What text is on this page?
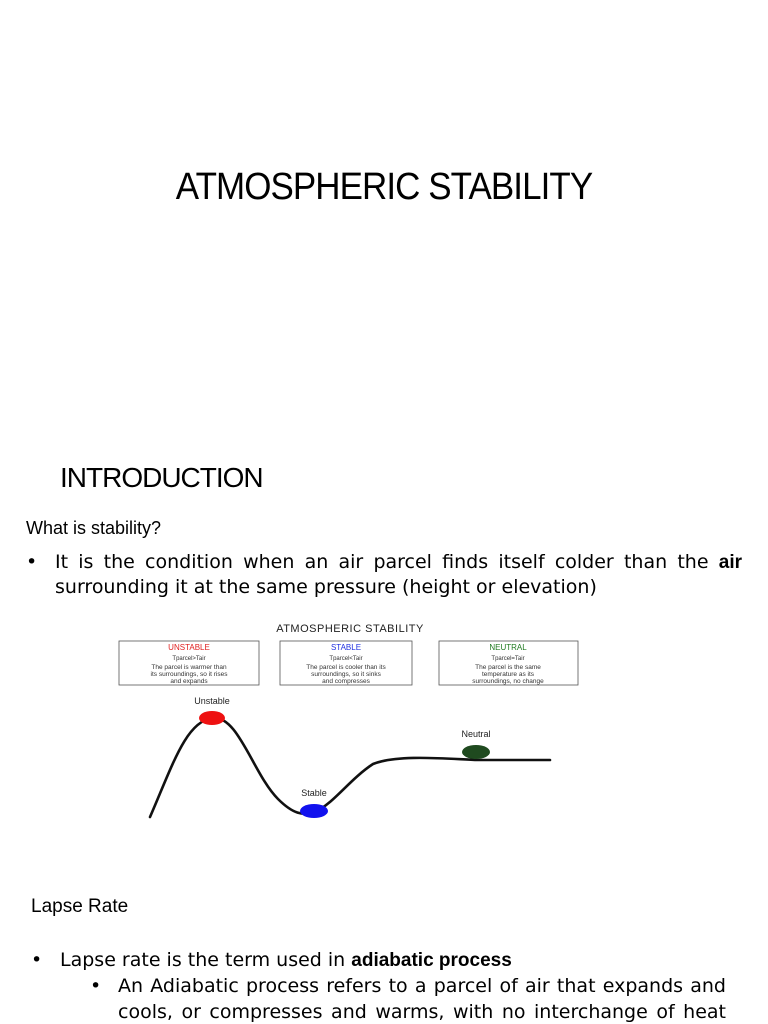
ATMOSPHERIC STABILITY
INTRODUCTION
What is stability?
• It is the condition when an air parcel finds itself colder than the air
surrounding it at the same pressure (height or elevation)
ATMOSPHERIC STABILITY
UNSTABLE
Tparcel>Tair
The parcel is warmer than
its surroundings, so it rises
and expands
STABLE
Tparcel<Tair
The parcel is cooler than its
surroundings, so it sinks
and compresses
NEUTRAL
Tparcel=Tair
The parcel is the same
temperature as its
surroundings, no change
Unstable
Stable
Neutral
Lapse Rate
• Lapse rate is the term used in adiabatic process
• An Adiabatic process refers to a parcel of air that expands and
cools, or compresses and warms, with no interchange of heat
